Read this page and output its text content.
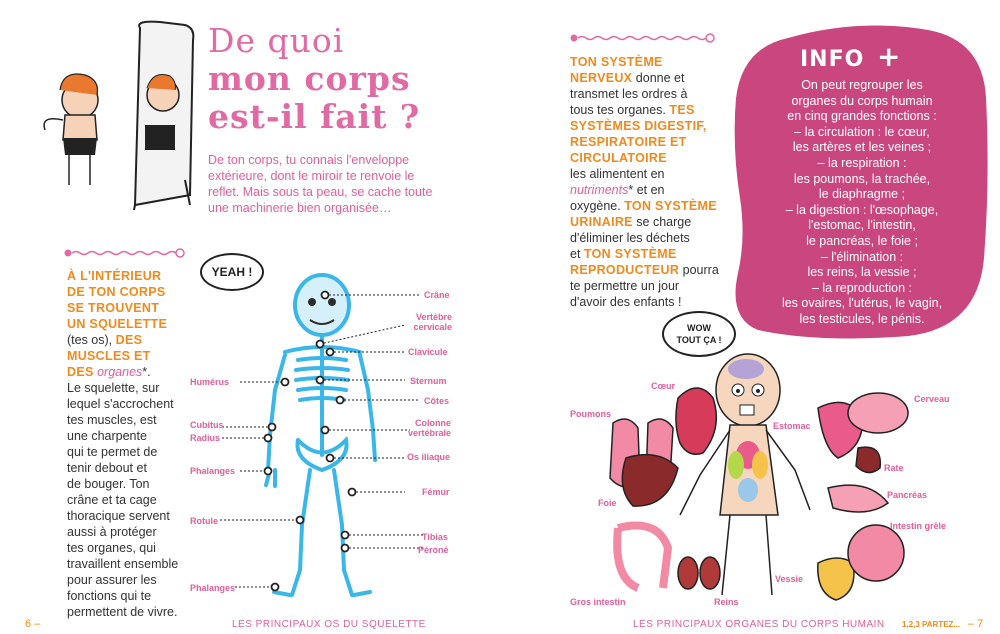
De quoi
mon corps
est-il fait ?
De ton corps, tu connais l'enveloppe
extérieure, dont le miroir te renvoie le
reflet. Mais sous ta peau, se cache toute
une machinerie bien organisée…
À L'INTÉRIEUR
DE TON CORPS
SE TROUVENT
UN SQUELETTE
(tes os), DES
MUSCLES ET
DES organes*.
Le squelette, sur
lequel s'accrochent
tes muscles, est
une charpente
qui te permet de
tenir debout et
de bouger. Ton
crâne et ta cage
thoracique servent
aussi à protéger
tes organes, qui
travaillent ensemble
pour assurer les
fonctions qui te
permettent de vivre.
YEAH !
Crâne
Vertèbre
cervicale
Clavicule
Sternum
Côtes
Colonne
vertébrale
Os iliaque
Fémur
Tibias
Péroné
Humérus
Cubitus
Radius
Phalanges
Rotule
Phalanges
6 –	LES PRINCIPAUX OS DU SQUELETTE
TON SYSTÈME
NERVEUX donne et
transmet les ordres à
tous tes organes. TES
SYSTÈMES DIGESTIF,
RESPIRATOIRE ET
CIRCULATOIRE
les alimentent en
nutriments* et en
oxygène. TON SYSTÈME
URINAIRE se charge
d'éliminer les déchets
et TON SYSTÈME
REPRODUCTEUR pourra
te permettre un jour
d'avoir des enfants !
INFO +
On peut regrouper les
organes du corps humain
en cinq grandes fonctions :
– la circulation : le cœur,
les artères et les veines ;
– la respiration :
les poumons, la trachée,
le diaphragme ;
– la digestion : l'œsophage,
l'estomac, l'intestin,
le pancréas, le foie ;
– l'élimination :
les reins, la vessie ;
– la reproduction :
les ovaires, l'utérus, le vagin,
les testicules, le pénis.
WOW
TOUT ÇA !
Cœur
Poumons
Foie
Gros intestin	Reins
Vessie
Estomac
Cerveau
Rate
Pancréas
Intestin grêle
LES PRINCIPAUX ORGANES DU CORPS HUMAIN 1,2,3 PARTEZ... – 7
